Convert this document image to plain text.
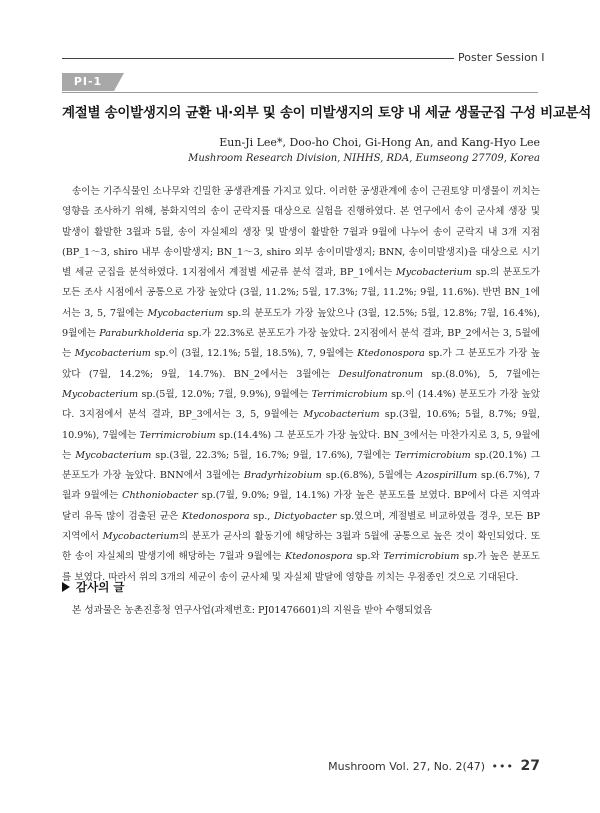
Poster Session Ⅰ
PI-1
계절별 송이발생지의 균환 내·외부 및 송이 미발생지의 토양 내 세균 생물군집 구성 비교분석
Eun-Ji Lee*, Doo-ho Choi, Gi-Hong An, and Kang-Hyo Lee
Mushroom Research Division, NIHHS, RDA, Eumseong 27709, Korea

송이는 기주식물인 소나무와 긴밀한 공생관계를 가지고 있다. 이러한 공생관계에 송이 근권토양 미생물이 끼치는 영향을 조사하기 위해, 봉화지역의 송이 군락지를 대상으로 실험을 진행하였다. 본 연구에서 송이 군사체 생장 및 발생이 활발한 3월과 5월, 송이 자실체의 생장 및 발생이 활발한 7월과 9월에 나누어 송이 군락지 내 3개 지점(BP_1～3, shiro 내부 송이발생지; BN_1～3, shiro 외부 송이미발생지; BNN, 송이미발생지)을 대상으로 시기별 세균 군집을 분석하였다. 1지점에서 계절별 세균류 분석 결과, BP_1에서는 Mycobacterium sp.의 분포도가 모든 조사 시점에서 공통으로 가장 높았다 (3월, 11.2%; 5월, 17.3%; 7월, 11.2%; 9월, 11.6%). 반면 BN_1에서는 3, 5, 7월에는 Mycobacterium sp.의 분포도가 가장 높았으나 (3월, 12.5%; 5월, 12.8%; 7월, 16.4%), 9월에는 Paraburkholderia sp.가 22.3%로 분포도가 가장 높았다. 2지점에서 분석 결과, BP_2에서는 3, 5월에는 Mycobacterium sp.이 (3월, 12.1%; 5월, 18.5%), 7, 9월에는 Ktedonospora sp.가 그 분포도가 가장 높았다 (7월, 14.2%; 9월, 14.7%). BN_2에서는 3월에는 Desulfonatronum sp.(8.0%), 5, 7월에는 Mycobacterium sp.(5월, 12.0%; 7월, 9.9%), 9월에는 Terrimicrobium sp.이 (14.4%) 분포도가 가장 높았다. 3지점에서 분석 결과, BP_3에서는 3, 5, 9월에는 Mycobacterium sp.(3월, 10.6%; 5월, 8.7%; 9월, 10.9%), 7월에는 Terrimicrobium sp.(14.4%) 그 분포도가 가장 높았다. BN_3에서는 마찬가지로 3, 5, 9월에는 Mycobacterium sp.(3월, 22.3%; 5월, 16.7%; 9월, 17.6%), 7월에는 Terrimicrobium sp.(20.1%) 그 분포도가 가장 높았다. BNN에서 3월에는 Bradyrhizobium sp.(6.8%), 5월에는 Azospirillum sp.(6.7%), 7월과 9월에는 Chthoniobacter sp.(7월, 9.0%; 9월, 14.1%) 가장 높은 분포도를 보였다. BP에서 다른 지역과 달리 유독 많이 검출된 균은 Ktedonospora sp., Dictyobacter sp.였으며, 계절별로 비교하였을 경우, 모든 BP 지역에서 Mycobacterium의 분포가 균사의 활동기에 해당하는 3월과 5월에 공통으로 높은 것이 확인되었다. 또한 송이 자실체의 발생기에 해당하는 7월과 9월에는 Ktedonospora sp.와 Terrimicrobium sp.가 높은 분포도를 보였다. 따라서 위의 3개의 세균이 송이 균사체 및 자실체 발달에 영향을 끼치는 우점종인 것으로 기대된다.

감사의 글
본 성과물은 농촌진흥청 연구사업(과제번호: PJ01476601)의 지원을 받아 수행되었음
Mushroom Vol. 27, No. 2(47) ••• 27
